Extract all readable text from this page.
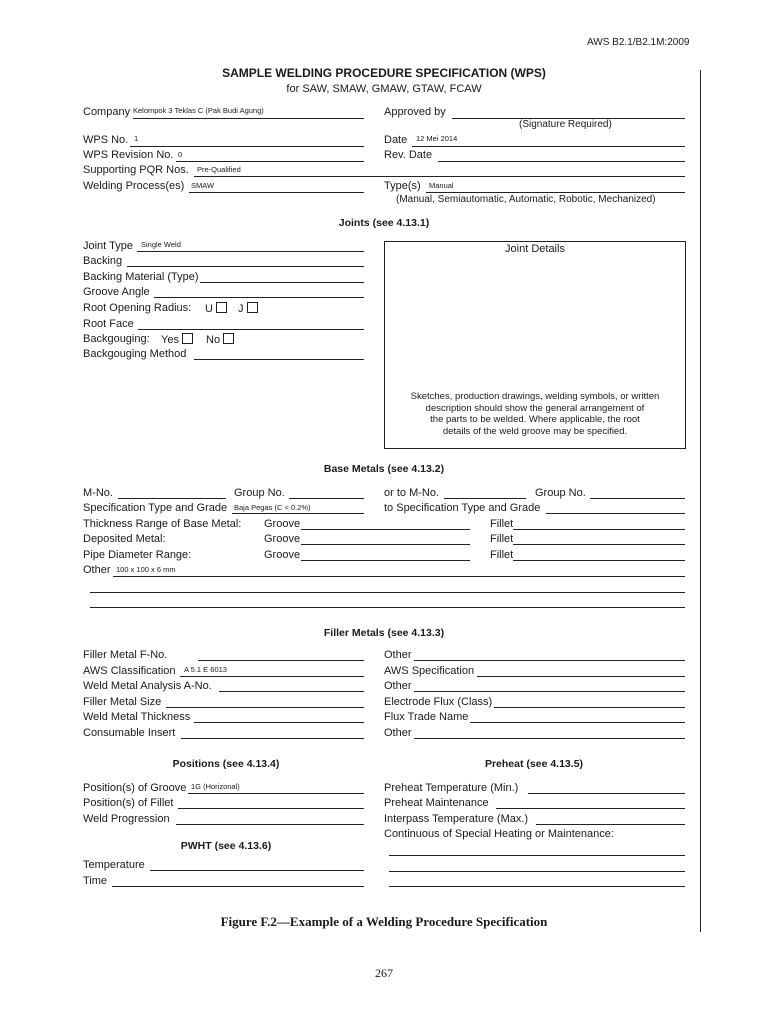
AWS B2.1/B2.1M:2009
SAMPLE WELDING PROCEDURE SPECIFICATION (WPS)
for SAW, SMAW, GMAW, GTAW, FCAW
Company Kelompok 3 Teklas C (Pak Budi Agung)
WPS No. 1
WPS Revision No. 0
Supporting PQR Nos. Pre-Qualified
Welding Process(es) SMAW
Approved by
(Signature Required)
Date 12 Mei 2014
Rev. Date
Type(s) Manual
(Manual, Semiautomatic, Automatic, Robotic, Mechanized)
Joints (see 4.13.1)
Joint Type Single Weld
Backing
Backing Material (Type)
Groove Angle
Root Opening Radius: U	J
Root Face
Backgouging: Yes	No
Backgouging Method
Joint Details
Sketches, production drawings, welding symbols, or written
description should show the general arrangement of
the parts to be welded. Where applicable, the root
details of the weld groove may be specified.
Base Metals (see 4.13.2)
M-No.	Group No.	or to M-No.	Group No.
Specification Type and Grade Baja Pegas (C < 0.2%)	to Specification Type and Grade
Thickness Range of Base Metal: Groove	Fillet
Deposited Metal:	Groove	Fillet
Pipe Diameter Range:	Groove	Fillet
Other 100 x 100 x 6 mm
Filler Metals (see 4.13.3)
Filler Metal F-No.
AWS Classification A 5.1 E 6013
Weld Metal Analysis A-No.
Filler Metal Size
Weld Metal Thickness
Consumable Insert
Other
AWS Specification
Other
Electrode Flux (Class)
Flux Trade Name
Other
Positions (see 4.13.4)
Position(s) of Groove 1G (Horizonal)
Position(s) of Fillet
Weld Progression
Preheat (see 4.13.5)
Preheat Temperature (Min.)
Preheat Maintenance
Interpass Temperature (Max.)
Continuous of Special Heating or Maintenance:
PWHT (see 4.13.6)
Temperature
Time
Figure F.2—Example of a Welding Procedure Specification
267
